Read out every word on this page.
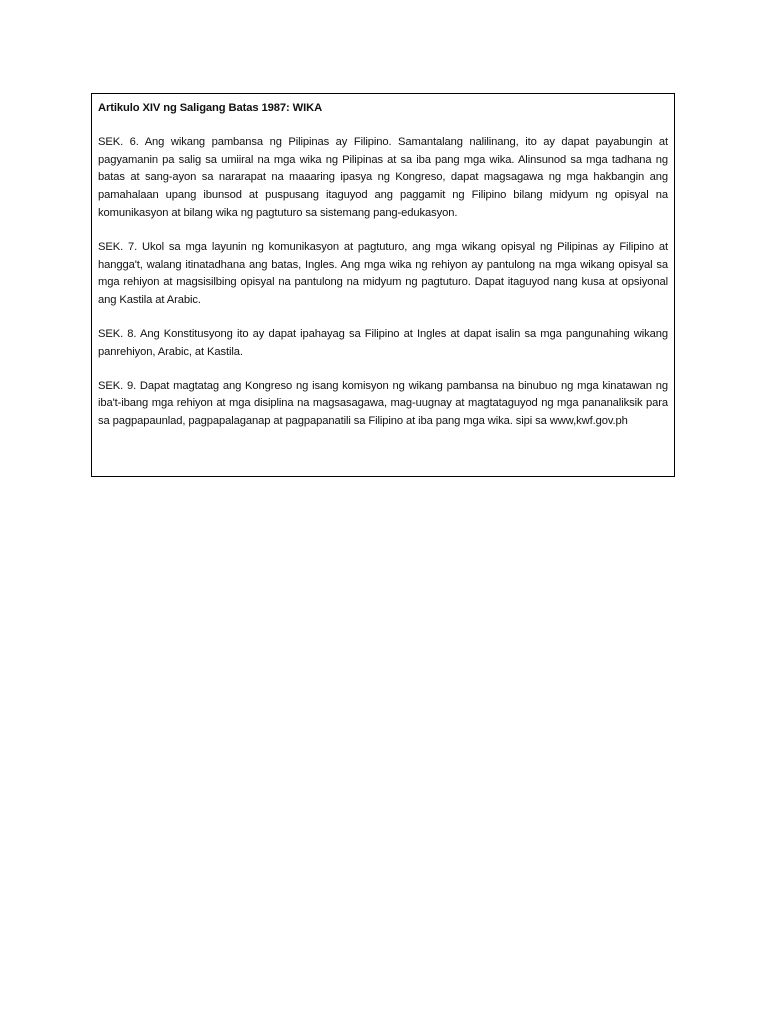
Artikulo XIV ng Saligang Batas 1987: WIKA

SEK. 6. Ang wikang pambansa ng Pilipinas ay Filipino. Samantalang nalilinang, ito ay dapat payabungin at pagyamanin pa salig sa umiiral na mga wika ng Pilipinas at sa iba pang mga wika. Alinsunod sa mga tadhana ng batas at sang-ayon sa nararapat na maaaring ipasya ng Kongreso, dapat magsagawa ng mga hakbangin ang pamahalaan upang ibunsod at puspusang itaguyod ang paggamit ng Filipino bilang midyum ng opisyal na komunikasyon at bilang wika ng pagtuturo sa sistemang pang-edukasyon.

SEK. 7. Ukol sa mga layunin ng komunikasyon at pagtuturo, ang mga wikang opisyal ng Pilipinas ay Filipino at hangga't, walang itinatadhana ang batas, Ingles. Ang mga wika ng rehiyon ay pantulong na mga wikang opisyal sa mga rehiyon at magsisilbing opisyal na pantulong na midyum ng pagtuturo. Dapat itaguyod nang kusa at opsiyonal ang Kastila at Arabic.

SEK. 8. Ang Konstitusyong ito ay dapat ipahayag sa Filipino at Ingles at dapat isalin sa mga pangunahing wikang panrehiyon, Arabic, at Kastila.

SEK. 9. Dapat magtatag ang Kongreso ng isang komisyon ng wikang pambansa na binubuo ng mga kinatawan ng iba't-ibang mga rehiyon at mga disiplina na magsasagawa, mag-uugnay at magtataguyod ng mga pananaliksik para sa pagpapaunlad, pagpapalaganap at pagpapanatili sa Filipino at iba pang mga wika. sipi sa www,kwf.gov.ph
